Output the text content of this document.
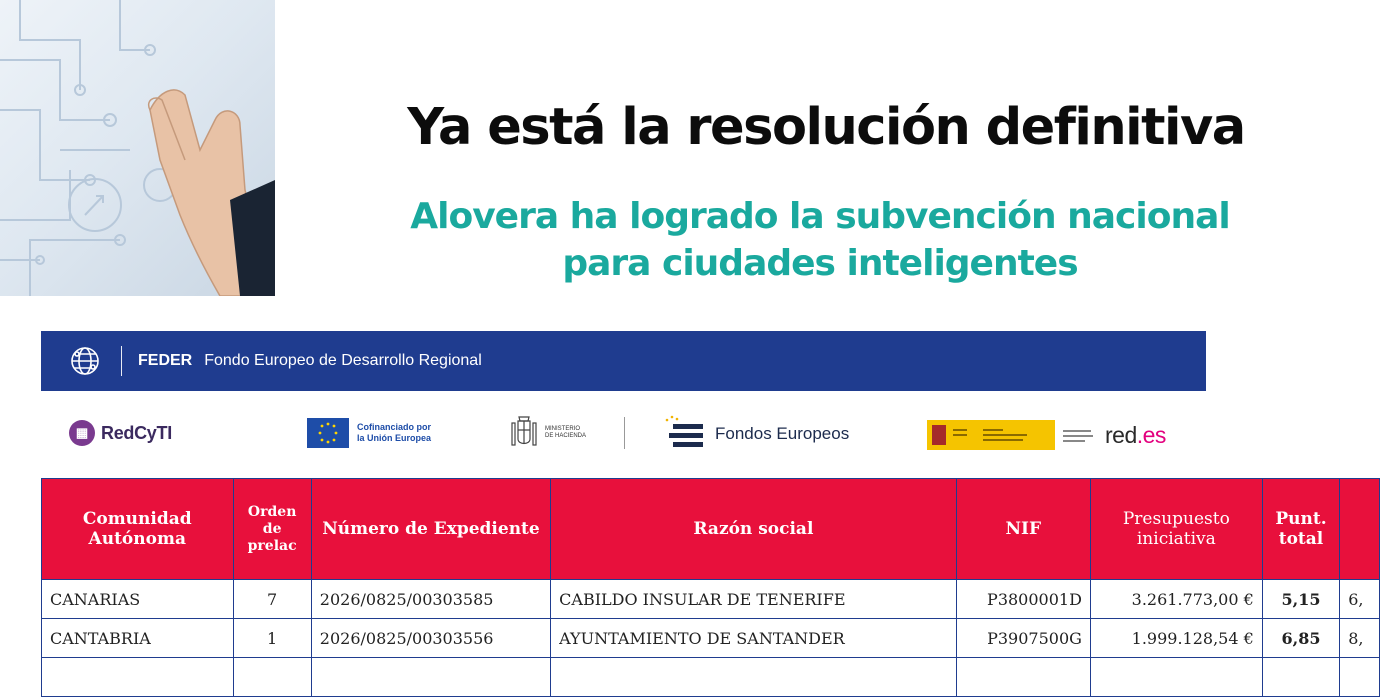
Ya está la resolución definitiva
Alovera ha logrado la subvención nacional
para ciudades inteligentes
FEDER Fondo Europeo de Desarrollo Regional
▦ RedCyTI	Cofinanciado por
la Unión Europea
MINISTERIO
DE HACIENDA	Fondos Europeos	red.es
Comunidad Autónoma	Orden de prelac	Número de Expediente	Razón social	NIF	Presupuesto iniciativa	Punt. total	
CANARIAS	7	2026/0825/00303585	CABILDO INSULAR DE TENERIFE	P3800001D	3.261.773,00 €	5,15	6,
CANTABRIA	1	2026/0825/00303556	AYUNTAMIENTO DE SANTANDER	P3907500G	1.999.128,54 €	6,85	8,
